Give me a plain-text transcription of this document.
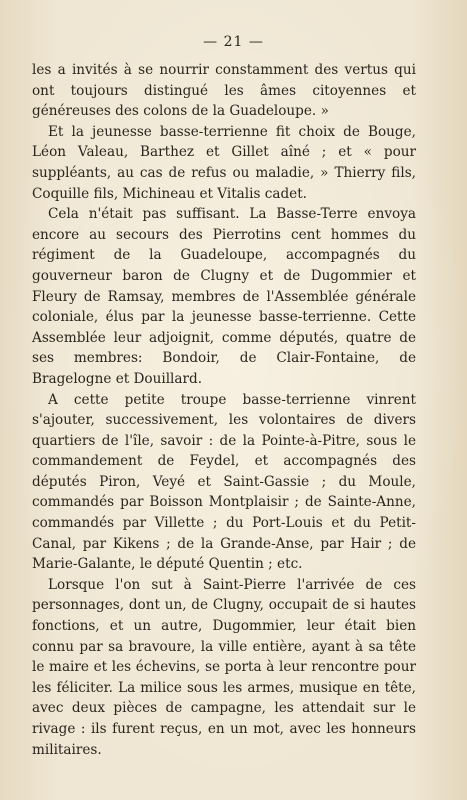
— 21 —

les a invités à se nourrir constamment des vertus qui ont toujours distingué les âmes citoyennes et généreuses des colons de la Guadeloupe. »

Et la jeunesse basse-terrienne fit choix de Bouge, Léon Valeau, Barthez et Gillet aîné ; et « pour suppléants, au cas de refus ou maladie, » Thierry fils, Coquille fils, Michineau et Vitalis cadet.

Cela n'était pas suffisant. La Basse-Terre envoya encore au secours des Pierrotins cent hommes du régiment de la Guadeloupe, accompagnés du gouverneur baron de Clugny et de Dugommier et Fleury de Ramsay, membres de l'Assemblée générale coloniale, élus par la jeunesse basse-terrienne. Cette Assemblée leur adjoignit, comme députés, quatre de ses membres: Bondoir, de Clair-Fontaine, de Bragelogne et Douillard.

A cette petite troupe basse-terrienne vinrent s'ajouter, successivement, les volontaires de divers quartiers de l'île, savoir : de la Pointe-à-Pitre, sous le commandement de Feydel, et accompagnés des députés Piron, Veyé et Saint-Gassie ; du Moule, commandés par Boisson Montplaisir ; de Sainte-Anne, commandés par Villette ; du Port-Louis et du Petit-Canal, par Kikens ; de la Grande-Anse, par Hair ; de Marie-Galante, le député Quentin ; etc.

Lorsque l'on sut à Saint-Pierre l'arrivée de ces personnages, dont un, de Clugny, occupait de si hautes fonctions, et un autre, Dugommier, leur était bien connu par sa bravoure, la ville entière, ayant à sa tête le maire et les échevins, se porta à leur rencontre pour les féliciter. La milice sous les armes, musique en tête, avec deux pièces de campagne, les attendait sur le rivage : ils furent reçus, en un mot, avec les honneurs militaires.
